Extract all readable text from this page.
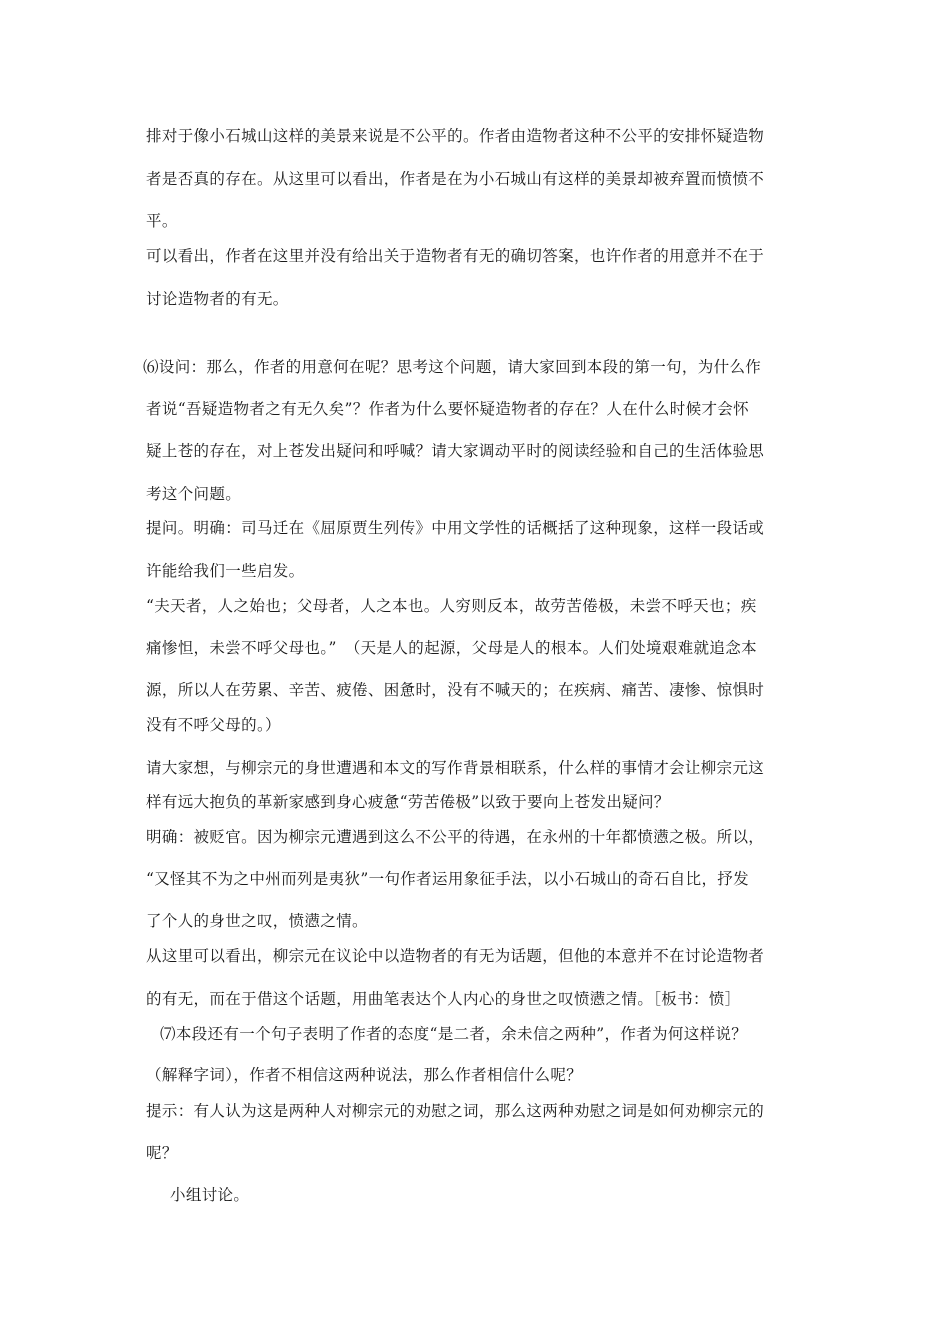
排对于像小石城山这样的美景来说是不公平的。作者由造物者这种不公平的安排怀疑造物
者是否真的存在。从这里可以看出，作者是在为小石城山有这样的美景却被弃置而愤愤不
平。
可以看出，作者在这里并没有给出关于造物者有无的确切答案，也许作者的用意并不在于
讨论造物者的有无。
⑹设问：那么，作者的用意何在呢？思考这个问题，请大家回到本段的第一句，为什么作
者说“吾疑造物者之有无久矣”？作者为什么要怀疑造物者的存在？人在什么时候才会怀
疑上苍的存在，对上苍发出疑问和呼喊？请大家调动平时的阅读经验和自己的生活体验思
考这个问题。
提问。明确：司马迁在《屈原贾生列传》中用文学性的话概括了这种现象，这样一段话或
许能给我们一些启发。
“夫天者，人之始也；父母者，人之本也。人穷则反本，故劳苦倦极，未尝不呼天也；疾
痛惨怛，未尝不呼父母也。”　（天是人的起源，父母是人的根本。人们处境艰难就追念本
源，所以人在劳累、辛苦、疲倦、困惫时，没有不喊天的；在疾病、痛苦、凄惨、惊惧时
没有不呼父母的。）
请大家想，与柳宗元的身世遭遇和本文的写作背景相联系，什么样的事情才会让柳宗元这
样有远大抱负的革新家感到身心疲惫“劳苦倦极”以致于要向上苍发出疑问？
明确：被贬官。因为柳宗元遭遇到这么不公平的待遇，在永州的十年都愤懑之极。所以，
“又怪其不为之中州而列是夷狄”一句作者运用象征手法，以小石城山的奇石自比，抒发
了个人的身世之叹，愤懑之情。
从这里可以看出，柳宗元在议论中以造物者的有无为话题，但他的本意并不在讨论造物者
的有无，而在于借这个话题，用曲笔表达个人内心的身世之叹愤懑之情。［板书：愤］
⑺本段还有一个句子表明了作者的态度“是二者，余未信之两种”，作者为何这样说？
（解释字词），作者不相信这两种说法，那么作者相信什么呢？
提示：有人认为这是两种人对柳宗元的劝慰之词，那么这两种劝慰之词是如何劝柳宗元的
呢？
小组讨论。
